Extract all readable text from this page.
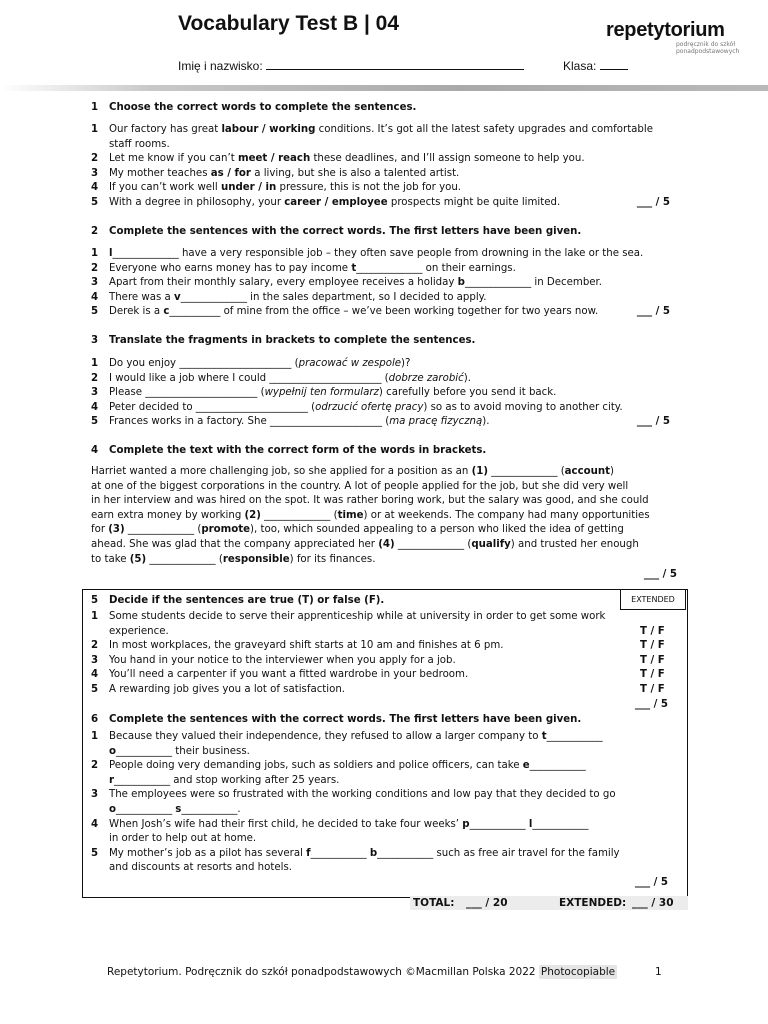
Vocabulary Test B | 04	repetytorium
podręcznik do szkół
ponadpodstawowych
Imię i nazwisko:	Klasa:
1 Choose the correct words to complete the sentences.
1 Our factory has great labour / working conditions. It’s got all the latest safety upgrades and comfortable
staff rooms.
2 Let me know if you can’t meet / reach these deadlines, and I’ll assign someone to help you.
3 My mother teaches as / for a living, but she is also a talented artist.
4 If you can’t work well under / in pressure, this is not the job for you.
5 With a degree in philosophy, your career / employee prospects might be quite limited.	___ / 5
2 Complete the sentences with the correct words. The first letters have been given.
1 l_____________ have a very responsible job – they often save people from drowning in the lake or the sea.
2 Everyone who earns money has to pay income t_____________ on their earnings.
3 Apart from their monthly salary, every employee receives a holiday b_____________ in December.
4 There was a v_____________ in the sales department, so I decided to apply.
5 Derek is a c__________ of mine from the office – we’ve been working together for two years now.	___ / 5
3 Translate the fragments in brackets to complete the sentences.
1 Do you enjoy ______________________ (pracować w zespole)?
2 I would like a job where I could ______________________ (dobrze zarobić).
3 Please ______________________ (wypełnij ten formularz) carefully before you send it back.
4 Peter decided to ______________________ (odrzucić ofertę pracy) so as to avoid moving to another city.
5 Frances works in a factory. She ______________________ (ma pracę fizyczną).	___ / 5
4 Complete the text with the correct form of the words in brackets.
Harriet wanted a more challenging job, so she applied for a position as an (1) _____________ (account)
at one of the biggest corporations in the country. A lot of people applied for the job, but she did very well
in her interview and was hired on the spot. It was rather boring work, but the salary was good, and she could
earn extra money by working (2) _____________ (time) or at weekends. The company had many opportunities
for (3) _____________ (promote), too, which sounded appealing to a person who liked the idea of getting
ahead. She was glad that the company appreciated her (4) _____________ (qualify) and trusted her enough
to take (5) _____________ (responsible) for its finances.
___ / 5
EXTENDED
5 Decide if the sentences are true (T) or false (F).
1 Some students decide to serve their apprenticeship while at university in order to get some work
experience.	T / F
2 In most workplaces, the graveyard shift starts at 10 am and finishes at 6 pm.	T / F
3 You hand in your notice to the interviewer when you apply for a job.	T / F
4 You’ll need a carpenter if you want a fitted wardrobe in your bedroom.	T / F
5 A rewarding job gives you a lot of satisfaction.	T / F
___ / 5
6 Complete the sentences with the correct words. The first letters have been given.
1 Because they valued their independence, they refused to allow a larger company to t___________
o___________ their business.
2 People doing very demanding jobs, such as soldiers and police officers, can take e___________
r___________ and stop working after 25 years.
3 The employees were so frustrated with the working conditions and low pay that they decided to go
o___________ s___________.
4 When Josh’s wife had their first child, he decided to take four weeks’ p___________ l___________
in order to help out at home.
5 My mother’s job as a pilot has several f___________ b___________ such as free air travel for the family
and discounts at resorts and hotels.
___ / 5
TOTAL: ___ / 20	EXTENDED: ___ / 30
Repetytorium. Podręcznik do szkół ponadpodstawowych ©Macmillan Polska 2022 Photocopiable	1
